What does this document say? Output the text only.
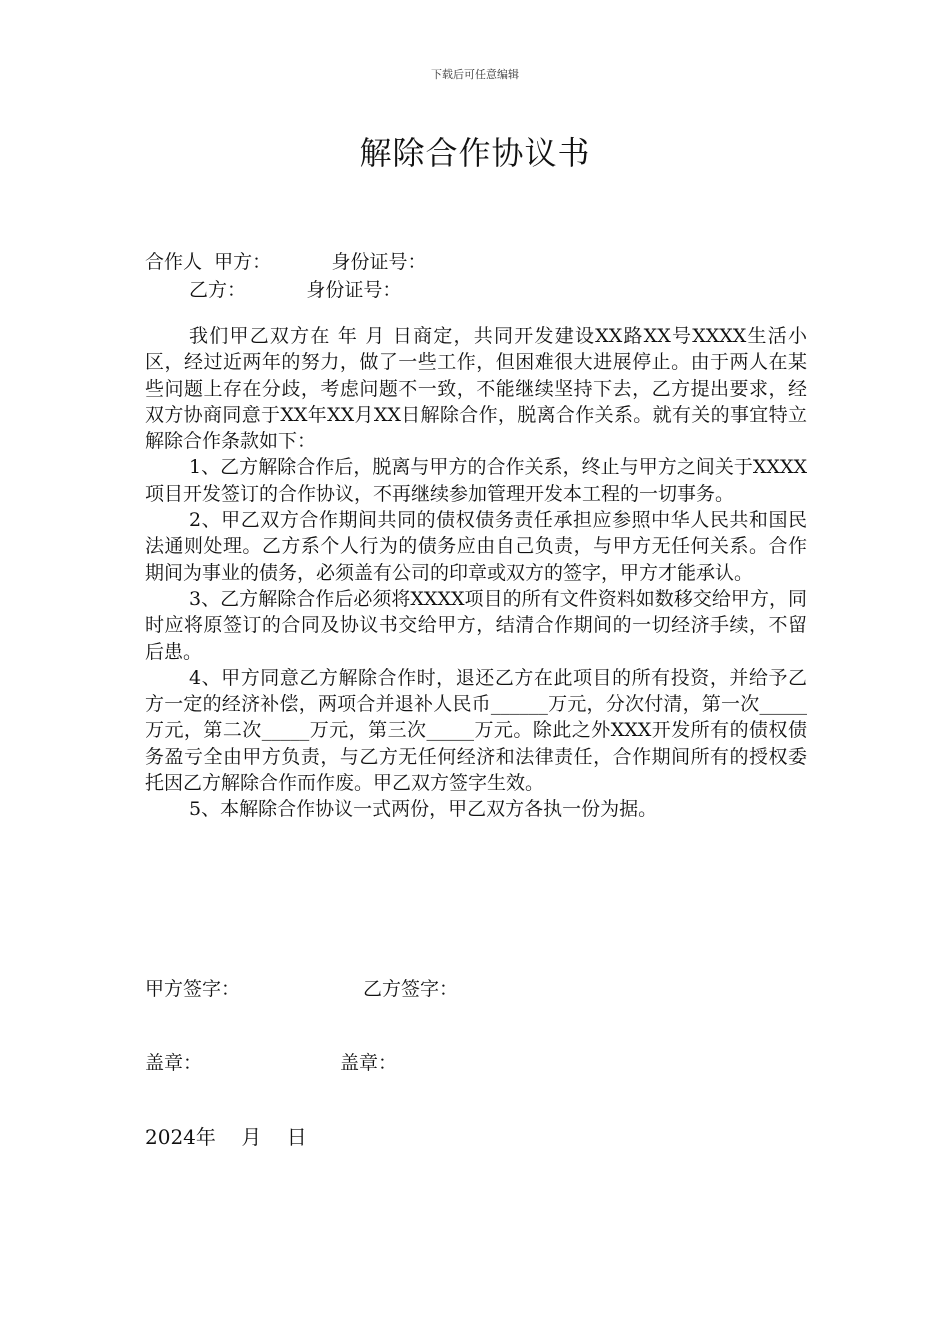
下载后可任意编辑
解除合作协议书
合作人  甲方：          身份证号：
乙方：          身份证号：

我们甲乙双方在 年 月 日商定，共同开发建设XX路XX号XXXX生活小区，经过近两年的努力，做了一些工作，但困难很大进展停止。由于两人在某些问题上存在分歧，考虑问题不一致，不能继续坚持下去，乙方提出要求，经双方协商同意于XX年XX月XX日解除合作，脱离合作关系。就有关的事宜特立解除合作条款如下：

1、乙方解除合作后，脱离与甲方的合作关系，终止与甲方之间关于XXXX项目开发签订的合作协议，不再继续参加管理开发本工程的一切事务。

2、甲乙双方合作期间共同的债权债务责任承担应参照中华人民共和国民法通则处理。乙方系个人行为的债务应由自己负责，与甲方无任何关系。合作期间为事业的债务，必须盖有公司的印章或双方的签字，甲方才能承认。

3、乙方解除合作后必须将XXXX项目的所有文件资料如数移交给甲方，同时应将原签订的合同及协议书交给甲方，结清合作期间的一切经济手续，不留后患。

4、甲方同意乙方解除合作时，退还乙方在此项目的所有投资，并给予乙方一定的经济补偿，两项合并退补人民币______万元，分次付清，第一次_____万元，第二次_____万元，第三次_____万元。除此之外XXX开发所有的债权债务盈亏全由甲方负责，与乙方无任何经济和法律责任，合作期间所有的授权委托因乙方解除合作而作废。甲乙双方签字生效。

5、本解除合作协议一式两份，甲乙双方各执一份为据。

甲方签字：	乙方签字：
盖章：	盖章：
2024年    月    日
